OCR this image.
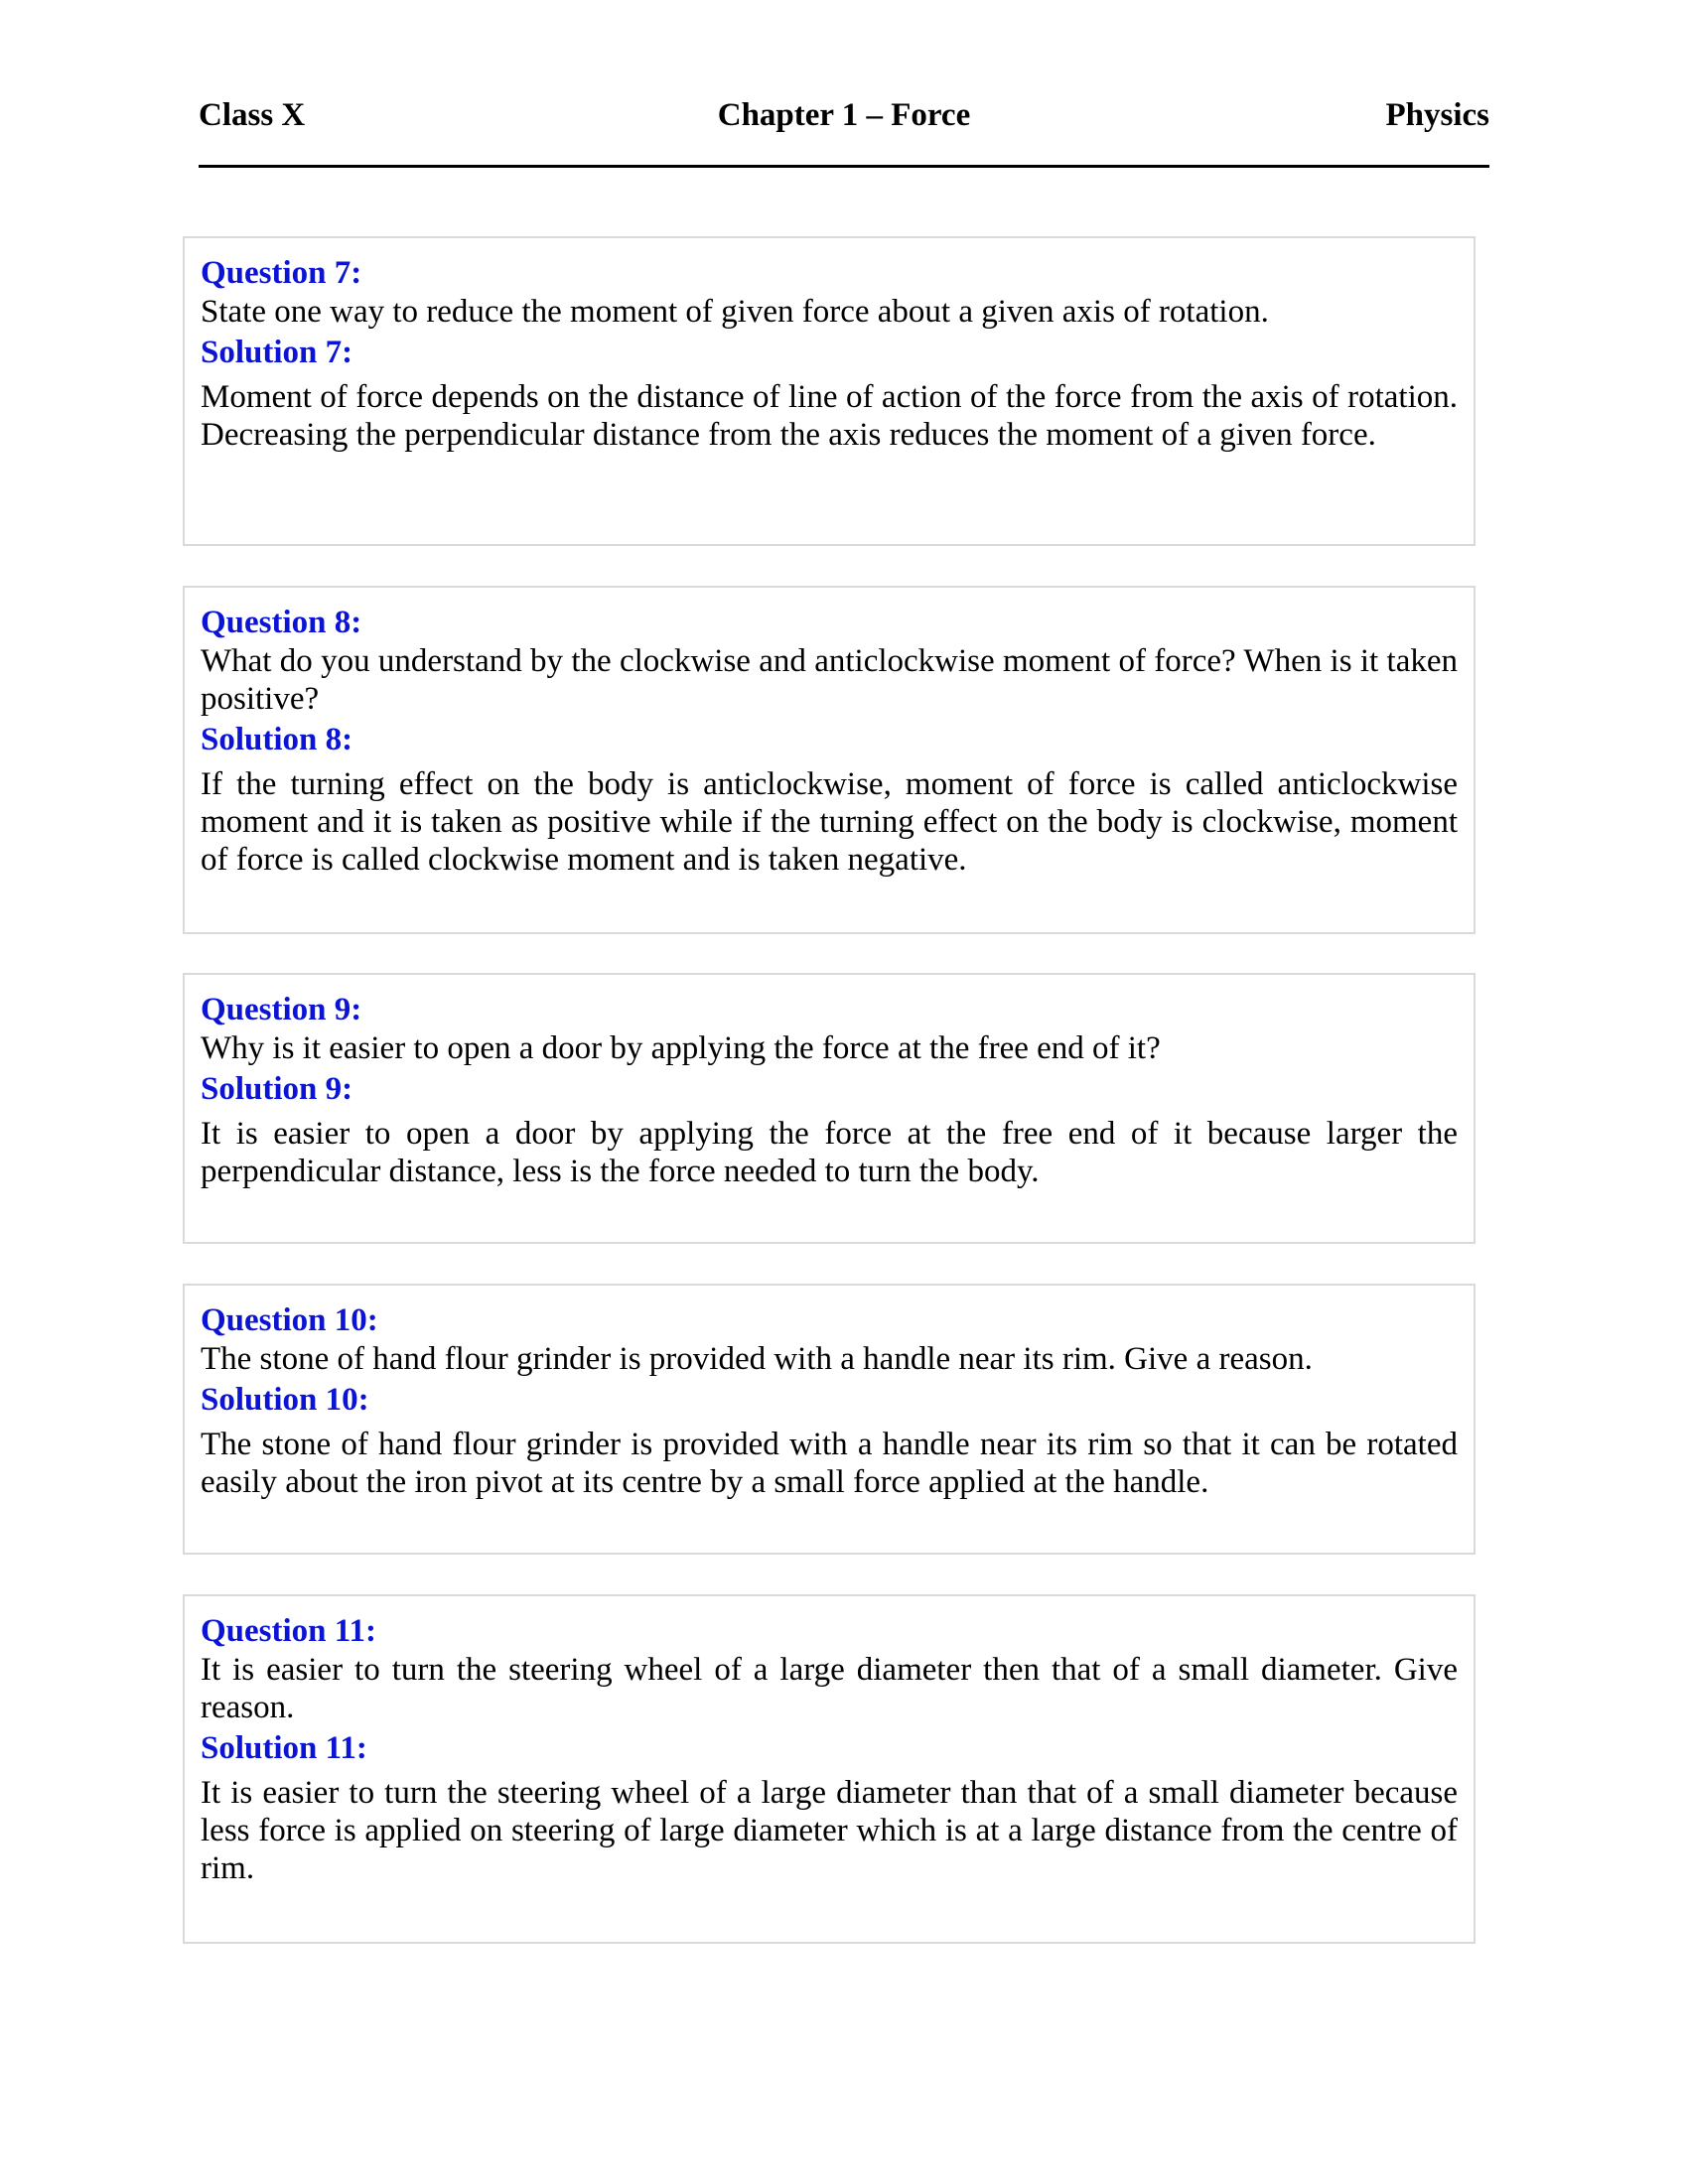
Class X	Chapter 1 – Force	Physics

Question 7:

State one way to reduce the moment of given force about a given axis of rotation.

Solution 7:

Moment of force depends on the distance of line of action of the force from the axis of rotation. Decreasing the perpendicular distance from the axis reduces the moment of a given force.

Question 8:

What do you understand by the clockwise and anticlockwise moment of force? When is it taken positive?

Solution 8:

If the turning effect on the body is anticlockwise, moment of force is called anticlockwise moment and it is taken as positive while if the turning effect on the body is clockwise, moment of force is called clockwise moment and is taken negative.

Question 9:

Why is it easier to open a door by applying the force at the free end of it?

Solution 9:

It is easier to open a door by applying the force at the free end of it because larger the perpendicular distance, less is the force needed to turn the body.

Question 10:

The stone of hand flour grinder is provided with a handle near its rim. Give a reason.

Solution 10:

The stone of hand flour grinder is provided with a handle near its rim so that it can be rotated easily about the iron pivot at its centre by a small force applied at the handle.

Question 11:

It is easier to turn the steering wheel of a large diameter then that of a small diameter. Give reason.

Solution 11:

It is easier to turn the steering wheel of a large diameter than that of a small diameter because less force is applied on steering of large diameter which is at a large distance from the centre of rim.
